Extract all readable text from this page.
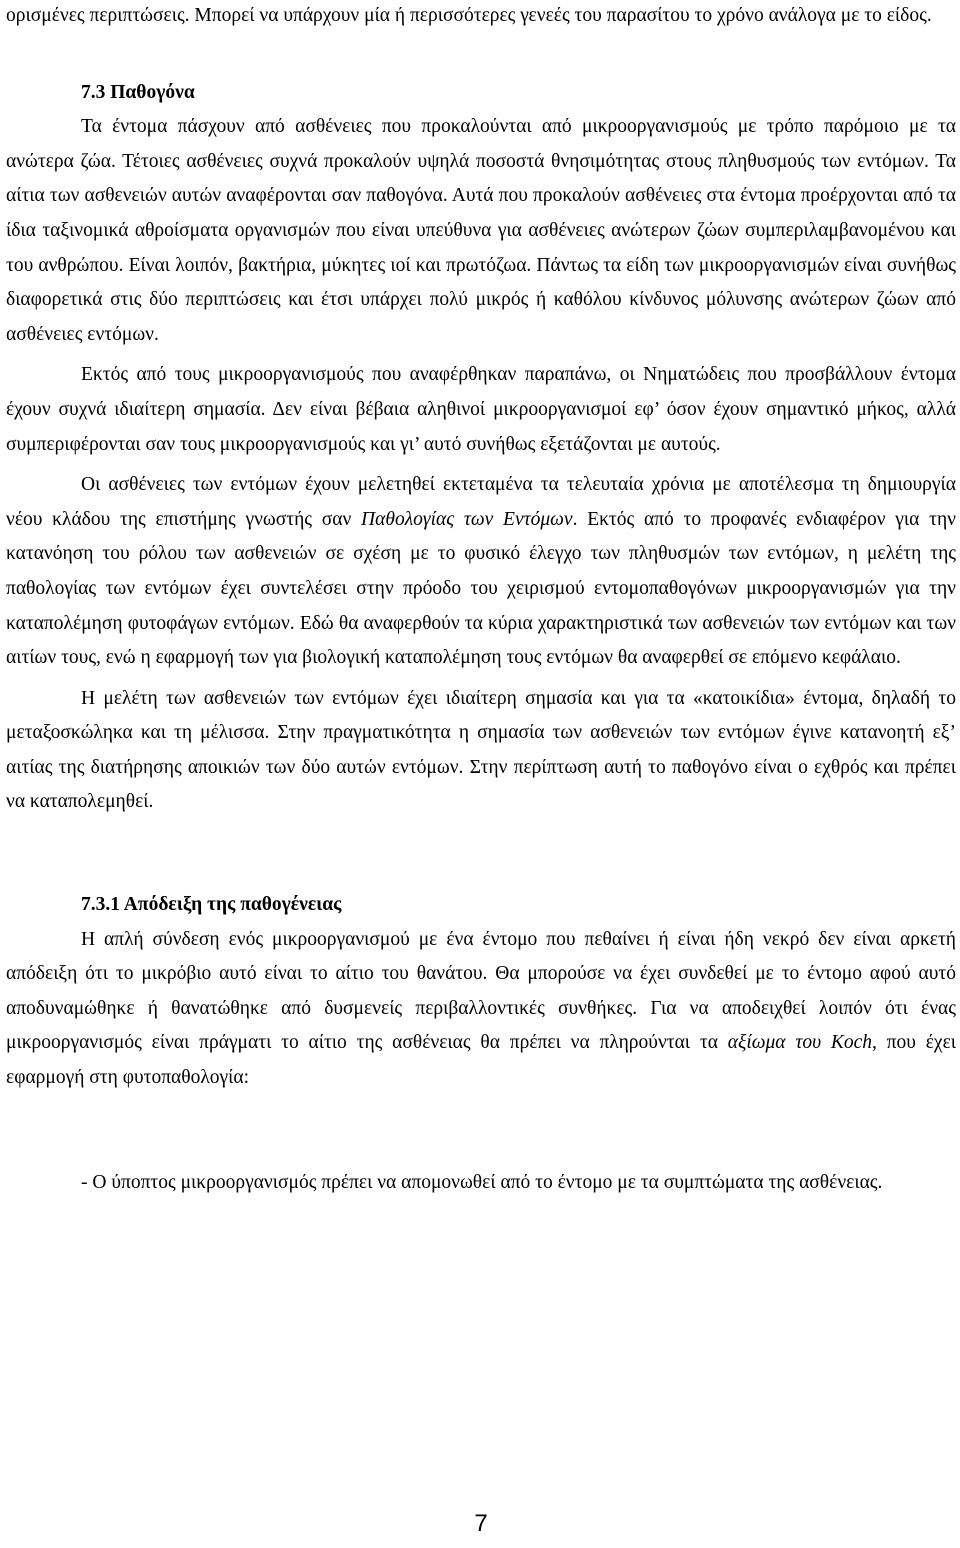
ορισμένες περιπτώσεις. Μπορεί να υπάρχουν μία ή περισσότερες γενεές του παρασίτου το χρόνο ανάλογα με το είδος.

7.3 Παθογόνα

Τα έντομα πάσχουν από ασθένειες που προκαλούνται από μικροοργανισμούς με τρόπο παρόμοιο με τα ανώτερα ζώα. Τέτοιες ασθένειες συχνά προκαλούν υψηλά ποσοστά θνησιμότητας στους πληθυσμούς των εντόμων. Τα αίτια των ασθενειών αυτών αναφέρονται σαν παθογόνα. Αυτά που προκαλούν ασθένειες στα έντομα προέρχονται από τα ίδια ταξινομικά αθροίσματα οργανισμών που είναι υπεύθυνα για ασθένειες ανώτερων ζώων συμπεριλαμβανομένου και του ανθρώπου. Είναι λοιπόν, βακτήρια, μύκητες ιοί και πρωτόζωα. Πάντως τα είδη των μικροοργανισμών είναι συνήθως διαφορετικά στις δύο περιπτώσεις και έτσι υπάρχει πολύ μικρός ή καθόλου κίνδυνος μόλυνσης ανώτερων ζώων από ασθένειες εντόμων.

Εκτός από τους μικροοργανισμούς που αναφέρθηκαν παραπάνω, οι Νηματώδεις που προσβάλλουν έντομα έχουν συχνά ιδιαίτερη σημασία. Δεν είναι βέβαια αληθινοί μικροοργανισμοί εφ’ όσον έχουν σημαντικό μήκος, αλλά συμπεριφέρονται σαν τους μικροοργανισμούς και γι’ αυτό συνήθως εξετάζονται με αυτούς.

Οι ασθένειες των εντόμων έχουν μελετηθεί εκτεταμένα τα τελευταία χρόνια με αποτέλεσμα τη δημιουργία νέου κλάδου της επιστήμης γνωστής σαν Παθολογίας των Εντόμων. Εκτός από το προφανές ενδιαφέρον για την κατανόηση του ρόλου των ασθενειών σε σχέση με το φυσικό έλεγχο των πληθυσμών των εντόμων, η μελέτη της παθολογίας των εντόμων έχει συντελέσει στην πρόοδο του χειρισμού εντομοπαθογόνων μικροοργανισμών για την καταπολέμηση φυτοφάγων εντόμων. Εδώ θα αναφερθούν τα κύρια χαρακτηριστικά των ασθενειών των εντόμων και των αιτίων τους, ενώ η εφαρμογή των για βιολογική καταπολέμηση τους εντόμων θα αναφερθεί σε επόμενο κεφάλαιο.

Η μελέτη των ασθενειών των εντόμων έχει ιδιαίτερη σημασία και για τα «κατοικίδια» έντομα, δηλαδή το μεταξοσκώληκα και τη μέλισσα. Στην πραγματικότητα η σημασία των ασθενειών των εντόμων έγινε κατανοητή εξ’ αιτίας της διατήρησης αποικιών των δύο αυτών εντόμων. Στην περίπτωση αυτή το παθογόνο είναι ο εχθρός και πρέπει να καταπολεμηθεί.

7.3.1 Απόδειξη της παθογένειας

Η απλή σύνδεση ενός μικροοργανισμού με ένα έντομο που πεθαίνει ή είναι ήδη νεκρό δεν είναι αρκετή απόδειξη ότι το μικρόβιο αυτό είναι το αίτιο του θανάτου. Θα μπορούσε να έχει συνδεθεί με το έντομο αφού αυτό αποδυναμώθηκε ή θανατώθηκε από δυσμενείς περιβαλλοντικές συνθήκες. Για να αποδειχθεί λοιπόν ότι ένας μικροοργανισμός είναι πράγματι το αίτιο της ασθένειας θα πρέπει να πληρούνται τα αξίωμα του Koch, που έχει εφαρμογή στη φυτοπαθολογία:

- Ο ύποπτος μικροοργανισμός πρέπει να απομονωθεί από το έντομο με τα συμπτώματα της ασθένειας.

7
